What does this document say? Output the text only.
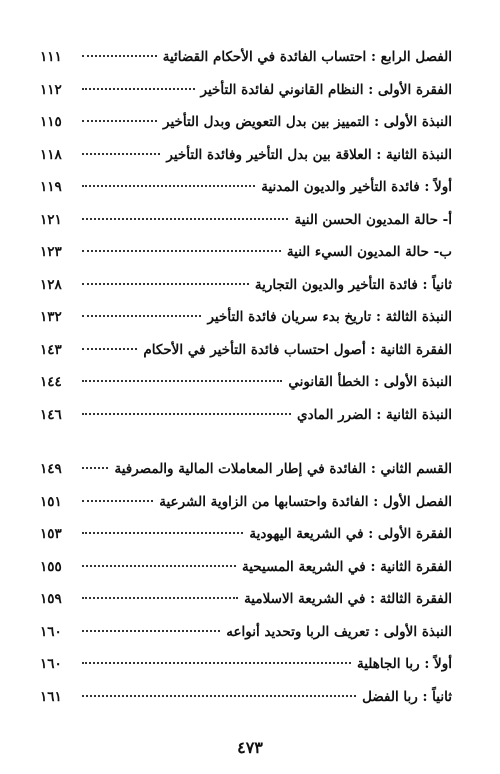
الفصل الرابع : احتساب الفائدة في الأحكام القضائية
١١١
الفقرة الأولى : النظام القانوني لفائدة التأخير
١١٢
النبذة الأولى : التمييز بين بدل التعويض وبدل التأخير
١١٥
النبذة الثانية : العلاقة بين بدل التأخير وفائدة التأخير
١١٨
أولاً : فائدة التأخير والديون المدنية
١١٩
أ- حالة المديون الحسن النية
١٢١
ب- حالة المديون السيء النية
١٢٣
ثانياً : فائدة التأخير والديون التجارية
١٢٨
النبذة الثالثة : تاريخ بدء سريان فائدة التأخير
١٣٢
الفقرة الثانية : أصول احتساب فائدة التأخير في الأحكام
١٤٣
النبذة الأولى : الخطأ القانوني
١٤٤
النبذة الثانية : الضرر المادي
١٤٦
القسم الثاني : الفائدة في إطار المعاملات المالية والمصرفية
١٤٩
الفصل الأول : الفائدة واحتسابها من الزاوية الشرعية
١٥١
الفقرة الأولى : في الشريعة اليهودية
١٥٣
الفقرة الثانية : في الشريعة المسيحية
١٥٥
الفقرة الثالثة : في الشريعة الاسلامية
١٥٩
النبذة الأولى : تعريف الربا وتحديد أنواعه
١٦٠
أولاً : ربا الجاهلية
١٦٠
ثانياً : ربا الفضل
١٦١
٤٧٣
